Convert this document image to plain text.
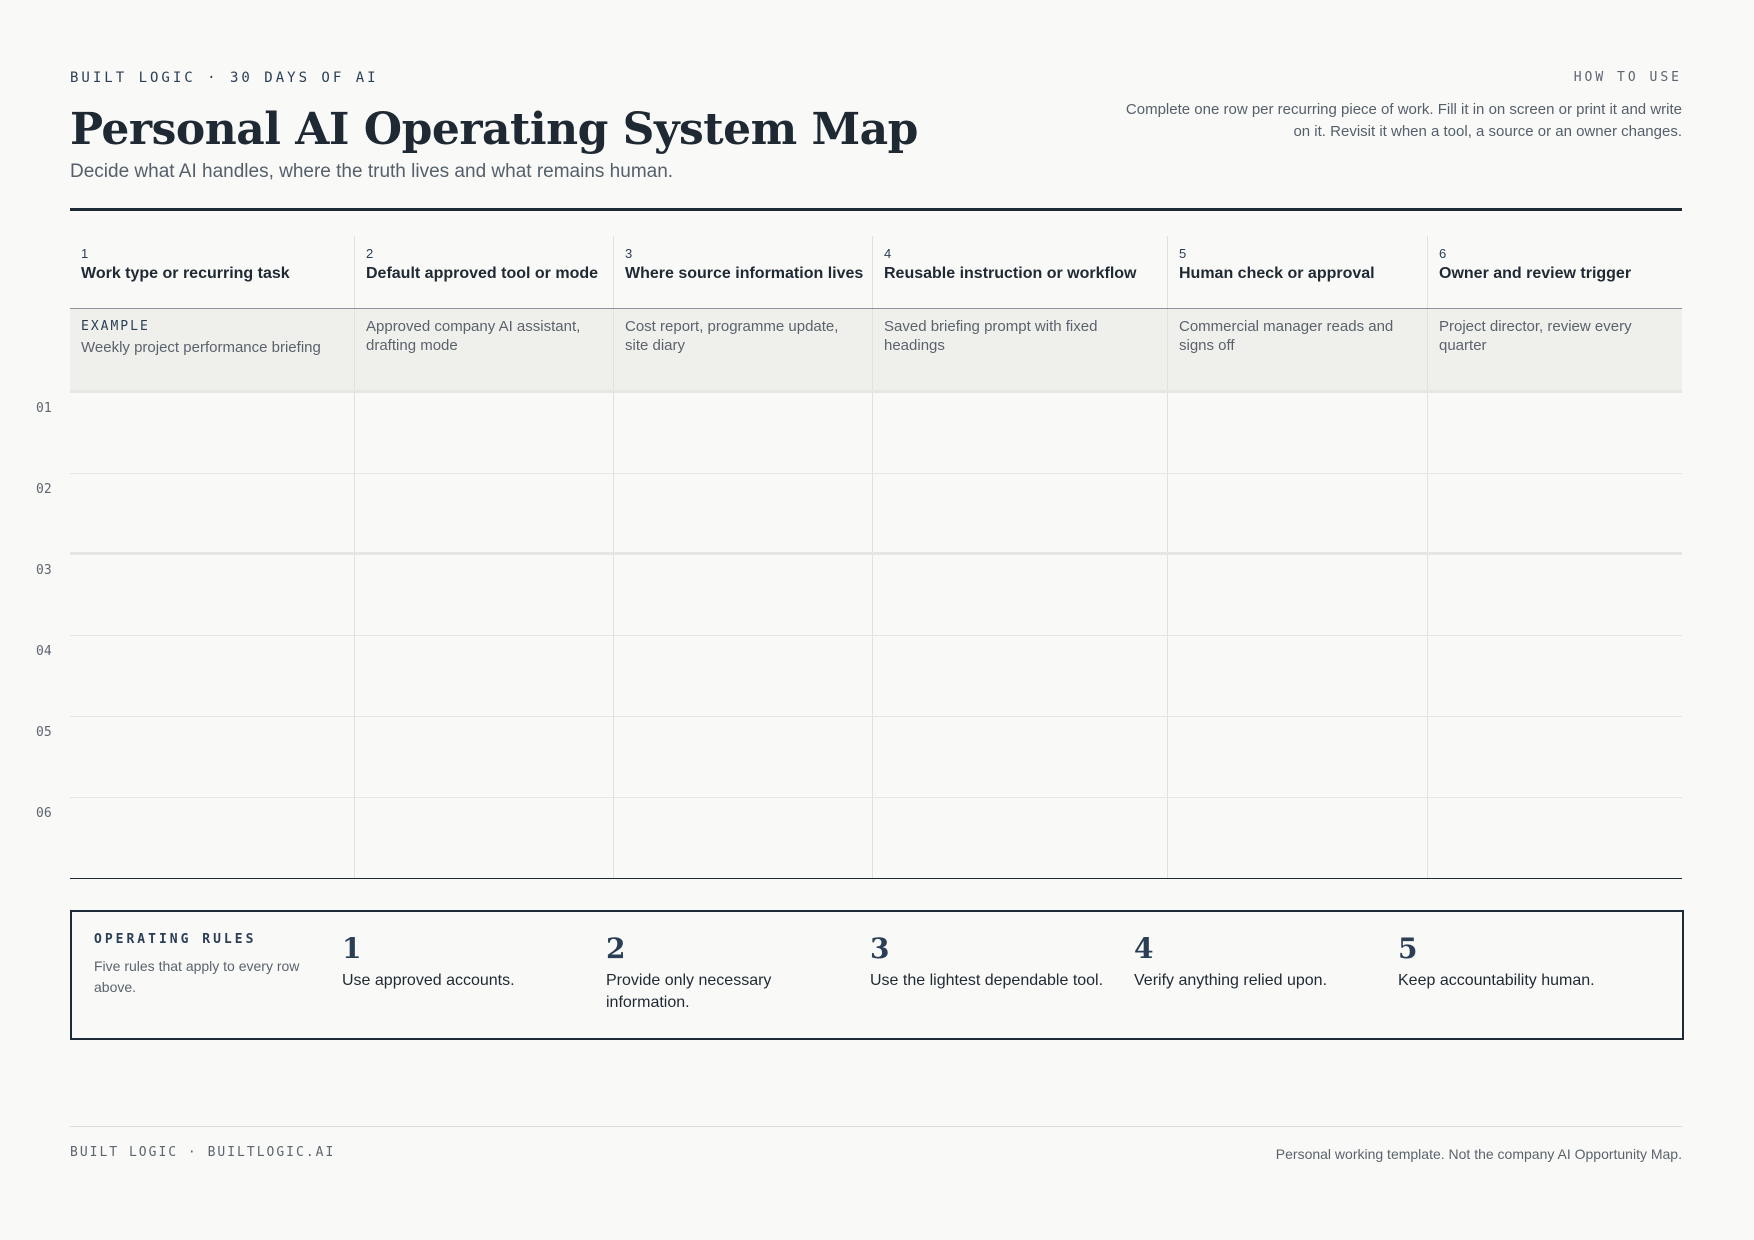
BUILT LOGIC · 30 DAYS OF AI
Personal AI Operating System Map
Decide what AI handles, where the truth lives and what remains human.
HOW TO USE
Complete one row per recurring piece of work. Fill it in on screen or print it and write on it. Revisit it when a tool, a source or an owner changes.
1
Work type or recurring task
2
Default approved tool or mode
3
Where source information lives
4
Reusable instruction or workflow
5
Human check or approval
6
Owner and review trigger
EXAMPLE
Weekly project performance briefing
Approved company AI assistant, drafting mode
Cost report, programme update, site diary
Saved briefing prompt with fixed headings
Commercial manager reads and signs off
Project director, review every quarter
01
02
03
04
05
06
OPERATING RULES
Five rules that apply to every row above.
1
Use approved accounts.
2
Provide only necessary information.
3
Use the lightest dependable tool.
4
Verify anything relied upon.
5
Keep accountability human.
BUILT LOGIC · BUILTLOGIC.AI	Personal working template. Not the company AI Opportunity Map.
